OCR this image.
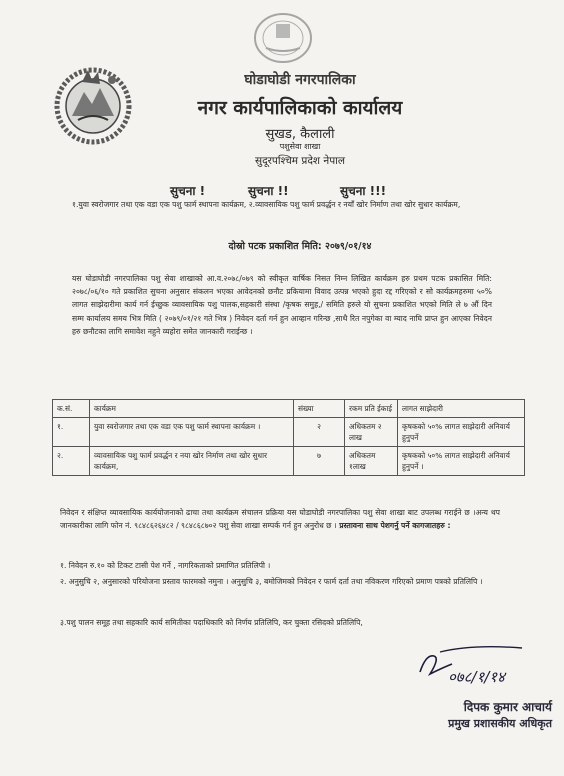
घोडाघोडी नगरपालिका

नगर कार्यपालिकाको कार्यालय

सुखड, कैलाली

पशुसेवा शाखा

सुदूरपश्चिम प्रदेश नेपाल

सुचना !	सुचना !!	सुचना !!!

१.युवा स्वरोजगार तथा एक वडा एक पशु फार्म स्थापना कार्यक्रम, २.व्यावसायिक पशु फार्म प्रवर्द्धन र नयाँ खोर निर्माण तथा खोर सुधार कार्यक्रम,

दोस्रो पटक प्रकाशित मिति: २०७९/०१/१४

यस घोडाघोडी नगरपालिका पशु सेवा शाखाको आ.व.२०७८/०७९ को स्वीकृत वार्षिक निसत निम्न लिखित कार्यक्रम हरु प्रथम पटक प्रकासित मिति: २०७८/०६/१० गते प्रकाशित सुचना अनुसार संकलन भएका आवेदनको छनौट प्रकियामा विवाद उत्पन्न भएको हुदा रद्द गरिएको र सो कार्यक्रमहरुमा ५०% लागत साझेदारीमा कार्य गर्न ईच्छुक व्यावसायिक पशु पालक,सहकारी संस्था /कृषक समुह,/ समिति हरुले यो सुचना प्रकाशित भएको मिति ले ७ औं दिन सम्म कार्यालय समय भित्र मिति ( २०७९/०१/२१ गते भित्र ) निवेदन दर्ता गर्न हुन आव्हान गरिन्छ ,साथै रित नपुगेका वा म्याद नाघि प्राप्त हुन आएका निवेदन हरु छनौटका लागि समावेश नहुने व्यहोरा समेत जानकारी गराईन्छ ।

क.सं.	कार्यक्रम	संख्या	रकम प्रति ईकाई	लागत साझेदारी
१.	युवा स्वरोजगार तथा एक वडा एक पशु फार्म स्थापना कार्यक्रम ।	२	अधिकतम २ लाख	कृषकको ५०% लागत साझेदारी अनिवार्य हुनुपर्ने
२.	व्यावसायिक पशु फार्म प्रवर्द्धन र नया खोर निर्माण तथा खोर सुधार कार्यक्रम,	७	अधिकतम १लाख	कृषकको ५०% लागत साझेदारी अनिवार्य हुनुपर्ने ।

निवेदन र संक्षिप्त व्यावसायिक कार्ययोजनाको ढाचा तथा कार्यक्रम संचालन प्रक्रिया यस घोडाघोडी नगरपालिका पशु सेवा शाखा बाट उपलब्ध गराईने छ ।अन्य थप जानकारीका लागि फोन नं. ९८४८६२६४८२ / ९८४८६८७०२ पशु सेवा शाखा सम्पर्क गर्न हुन अनुरोध छ । प्रस्तावना साथ पेशगर्नु पर्ने कागजातहरु :

१. निवेदन रु.१० को टिकट टासी पेश गर्ने , नागरिकताको प्रमाणित प्रतिलिपी ।

२. अनुसुचि २, अनुसारको परियोजना प्रस्ताव फारमको नमुना । अनुसुचि ३, बमोजिमको निवेदन र फार्म दर्ता तथा नविकरण गरिएको प्रमाण पत्रको प्रतिलिपि ।

३.पशु पालन समूह तथा सहकारि कार्य समितीका पदाधिकारि को निर्णय प्रतिलिपि, कर चुक्ता रसिदको प्रतिलिपि,

०७८/१/१४

दिपक कुमार आचार्य

प्रमुख प्रशासकीय अधिकृत
